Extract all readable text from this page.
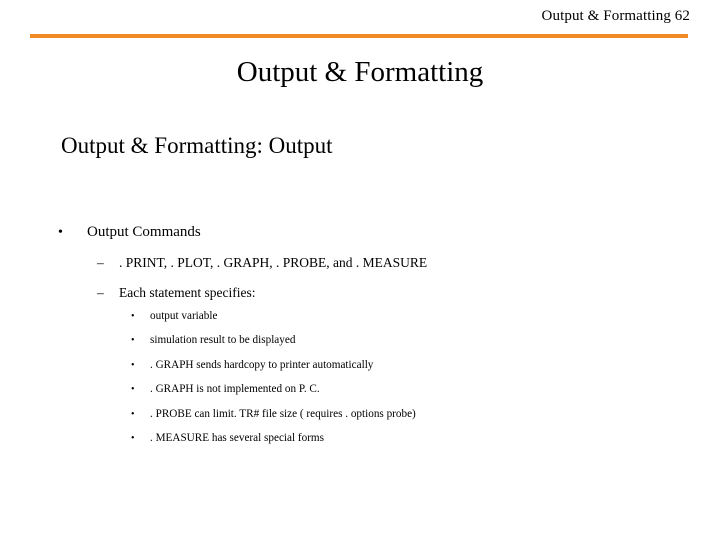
Output & Formatting 62
Output & Formatting
Output & Formatting: Output
•	Output Commands
–	. PRINT, . PLOT, . GRAPH, . PROBE, and . MEASURE
–	Each statement specifies:
•	output variable
•	simulation result to be displayed
•	. GRAPH sends hardcopy to printer automatically
•	. GRAPH is not implemented on P. C.
•	. PROBE can limit. TR# file size ( requires . options probe)
•	. MEASURE has several special forms
